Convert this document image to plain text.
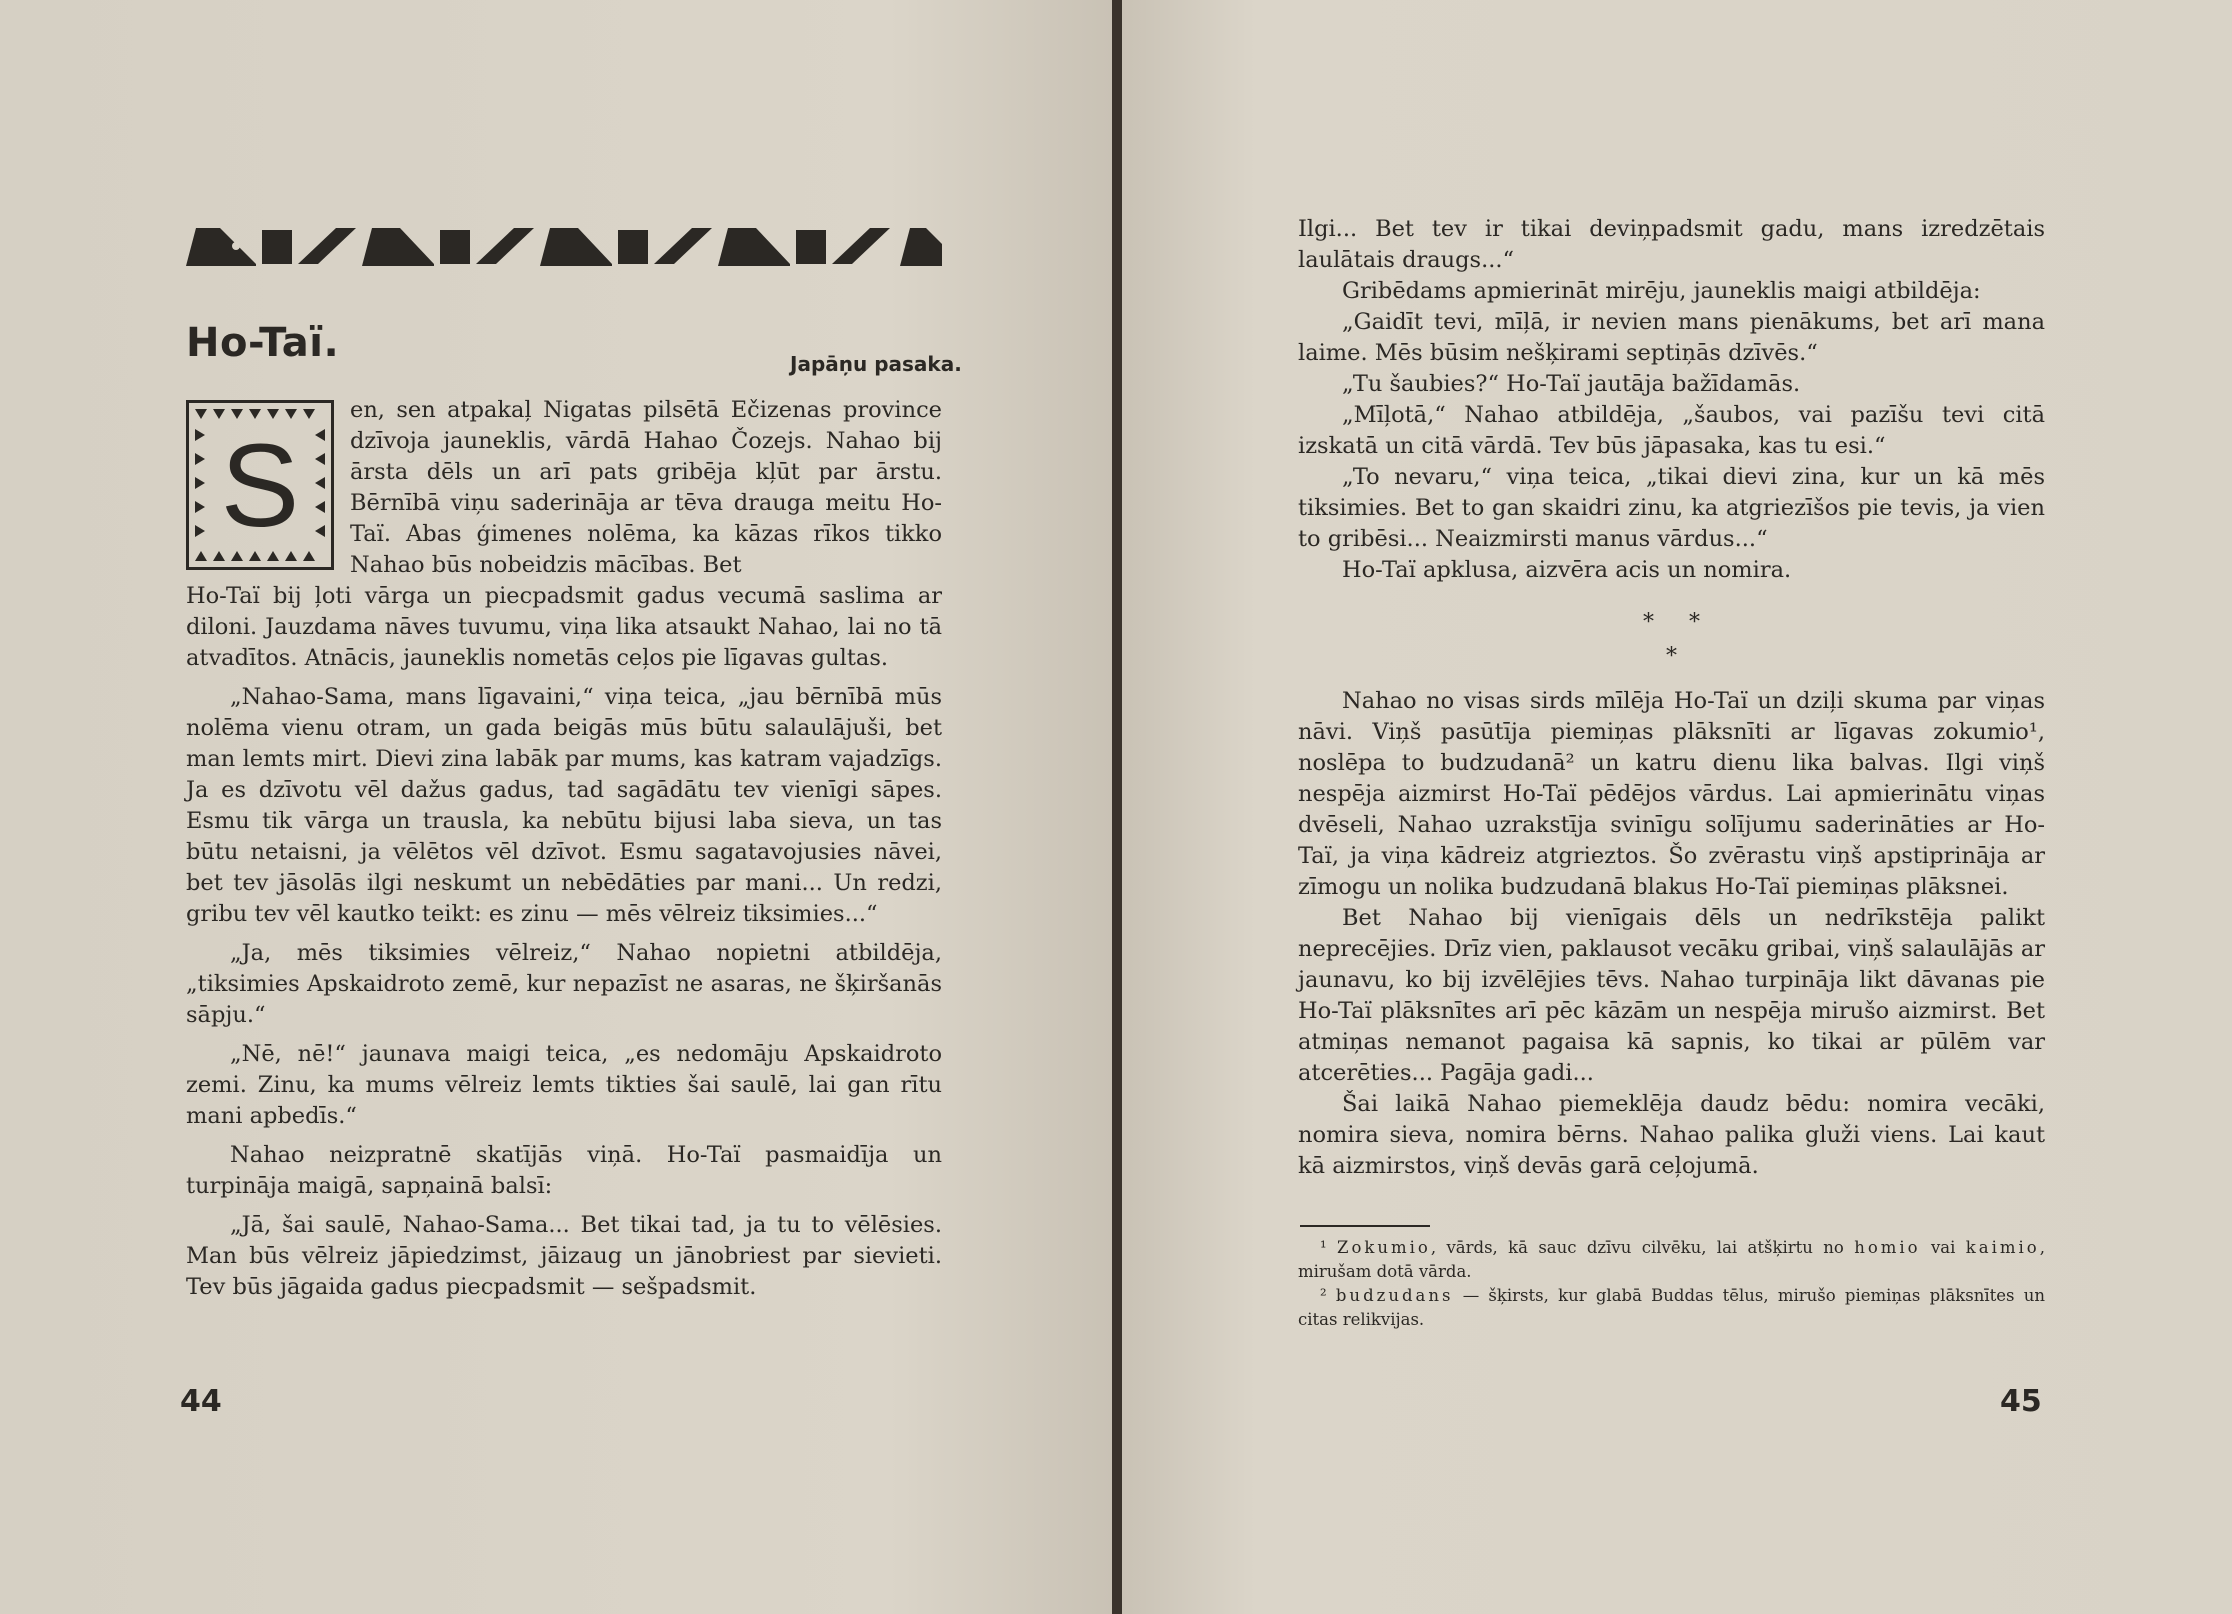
Ho-Taï.	Japāņu pasaka.
S

en, sen atpakaļ Nigatas pilsētā Ečizenas province dzīvoja jauneklis, vārdā Hahao Čozejs. Nahao bij ārsta dēls un arī pats gribēja kļūt par ārstu. Bērnībā viņu saderināja ar tēva drauga meitu Ho-Taï. Abas ģimenes nolēma, ka kāzas rīkos tikko Nahao būs nobeidzis mācības. Bet

Ho-Taï bij ļoti vārga un piecpadsmit gadus vecumā saslima ar diloni. Jauzdama nāves tuvumu, viņa lika atsaukt Nahao, lai no tā atvadītos. Atnācis, jauneklis nometās ceļos pie līgavas gultas.

„Nahao-Sama, mans līgavaini,“ viņa teica, „jau bērnībā mūs nolēma vienu otram, un gada beigās mūs būtu salaulājuši, bet man lemts mirt. Dievi zina labāk par mums, kas katram vajadzīgs. Ja es dzīvotu vēl dažus gadus, tad sagādātu tev vienīgi sāpes. Esmu tik vārga un trausla, ka nebūtu bijusi laba sieva, un tas būtu netaisni, ja vēlētos vēl dzīvot. Esmu sagatavojusies nāvei, bet tev jāsolās ilgi neskumt un nebēdāties par mani... Un redzi, gribu tev vēl kautko teikt: es zinu — mēs vēlreiz tiksimies...“

„Ja, mēs tiksimies vēlreiz,“ Nahao nopietni atbildēja, „tiksimies Apskaidroto zemē, kur nepazīst ne asaras, ne šķiršanās sāpju.“

„Nē, nē!“ jaunava maigi teica, „es nedomāju Apskaidroto zemi. Zinu, ka mums vēlreiz lemts tikties šai saulē, lai gan rītu mani apbedīs.“

Nahao neizpratnē skatījās viņā. Ho-Taï pasmaidīja un turpināja maigā, sapņainā balsī:

„Jā, šai saulē, Nahao-Sama... Bet tikai tad, ja tu to vēlēsies. Man būs vēlreiz jāpiedzimst, jāizaug un jānobriest par sievieti. Tev būs jāgaida gadus piecpadsmit — sešpadsmit.

44

Ilgi... Bet tev ir tikai deviņpadsmit gadu, mans izredzētais laulātais draugs...“

Gribēdams apmierināt mirēju, jauneklis maigi atbildēja:

„Gaidīt tevi, mīļā, ir nevien mans pienākums, bet arī mana laime. Mēs būsim nešķirami septiņās dzīvēs.“

„Tu šaubies?“ Ho-Taï jautāja bažīdamās.

„Mīļotā,“ Nahao atbildēja, „šaubos, vai pazīšu tevi citā izskatā un citā vārdā. Tev būs jāpasaka, kas tu esi.“

„To nevaru,“ viņa teica, „tikai dievi zina, kur un kā mēs tiksimies. Bet to gan skaidri zinu, ka atgriezīšos pie tevis, ja vien to gribēsi... Neaizmirsti manus vārdus...“

Ho-Taï apklusa, aizvēra acis un nomira.

*     *
*

Nahao no visas sirds mīlēja Ho-Taï un dziļi skuma par viņas nāvi. Viņš pasūtīja piemiņas plāksnīti ar līgavas zokumio¹, noslēpa to budzudanā² un katru dienu lika balvas. Ilgi viņš nespēja aizmirst Ho-Taï pēdējos vārdus. Lai apmierinātu viņas dvēseli, Nahao uzrakstīja svinīgu solījumu saderināties ar Ho-Taï, ja viņa kādreiz atgrieztos. Šo zvērastu viņš apstiprināja ar zīmogu un nolika budzudanā blakus Ho-Taï piemiņas plāksnei.

Bet Nahao bij vienīgais dēls un nedrīkstēja palikt neprecējies. Drīz vien, paklausot vecāku gribai, viņš salaulājās ar jaunavu, ko bij izvēlējies tēvs. Nahao turpināja likt dāvanas pie Ho-Taï plāksnītes arī pēc kāzām un nespēja mirušo aizmirst. Bet atmiņas nemanot pagaisa kā sapnis, ko tikai ar pūlēm var atcerēties... Pagāja gadi...

Šai laikā Nahao piemeklēja daudz bēdu: nomira vecāki, nomira sieva, nomira bērns. Nahao palika gluži viens. Lai kaut kā aizmirstos, viņš devās garā ceļojumā.

¹ Zokumio, vārds, kā sauc dzīvu cilvēku, lai atšķirtu no homio vai kaimio, mirušam dotā vārda.

² budzudans — šķirsts, kur glabā Buddas tēlus, mirušo piemiņas plāksnītes un citas relikvijas.

45
